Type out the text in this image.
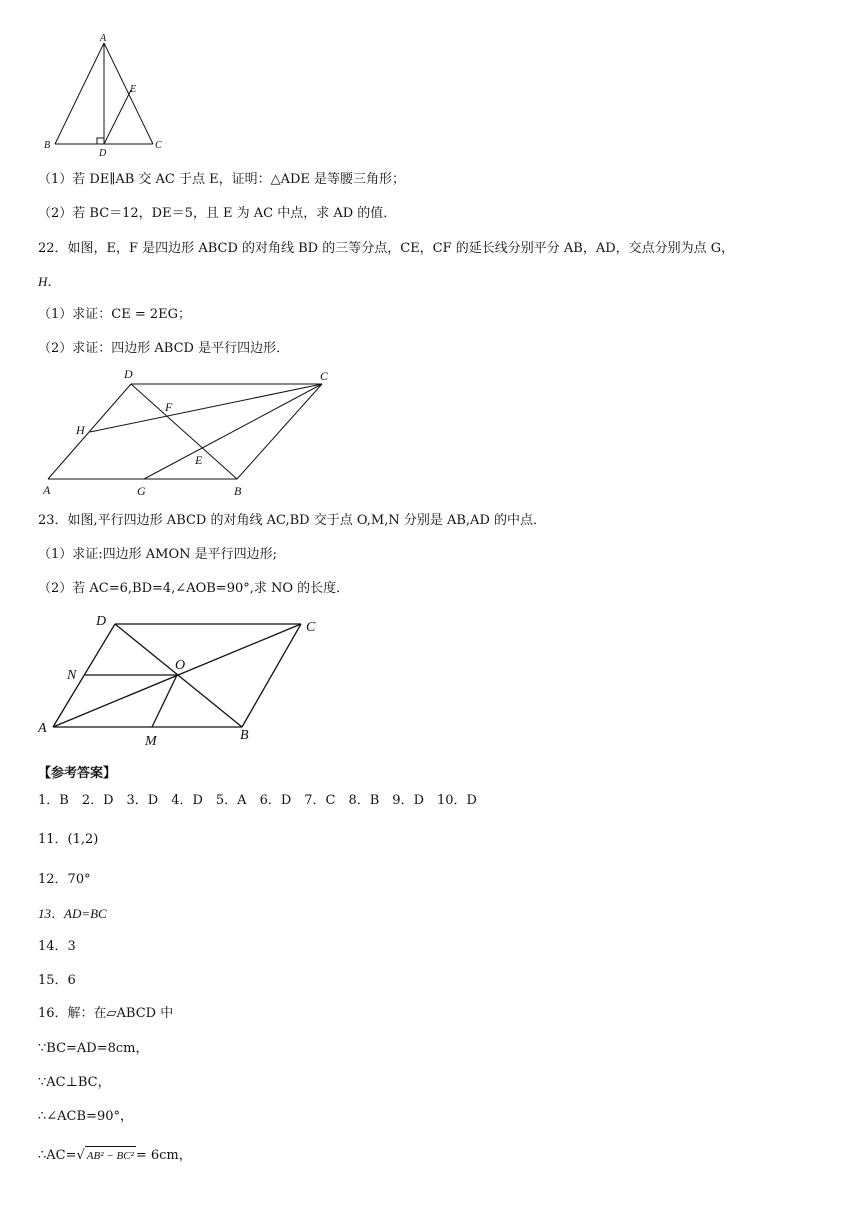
A
E
B
D
C
（1）若 DE∥AB 交 AC 于点 E，证明：△ADE 是等腰三角形；
（2）若 BC＝12，DE＝5，且 E 为 AC 中点，求 AD 的值．
22．如图，E，F 是四边形 ABCD 的对角线 BD 的三等分点，CE，CF 的延长线分别平分 AB，AD，交点分别为点 G，
H．
（1）求证：CE = 2EG；
（2）求证：四边形 ABCD 是平行四边形．
D	C
F
H
E
A	G	B
23．如图,平行四边形 ABCD 的对角线 AC,BD 交于点 O,M,N 分别是 AB,AD 的中点．
（1）求证:四边形 AMON 是平行四边形;
（2）若 AC=6,BD=4,∠AOB=90°,求 NO 的长度．
D	C
N
O
A
M	B
【参考答案】
1．B　2．D　3．D　4．D　5．A　6．D　7．C　8．B　9．D　10．D
11．(1,2)
12．70°
13．AD=BC
14．3
15．6
16．解：在▱ABCD 中
∵BC=AD=8cm，
∵AC⊥BC，
∴∠ACB=90°，
∴AC=√ AB² − BC² = 6cm，
